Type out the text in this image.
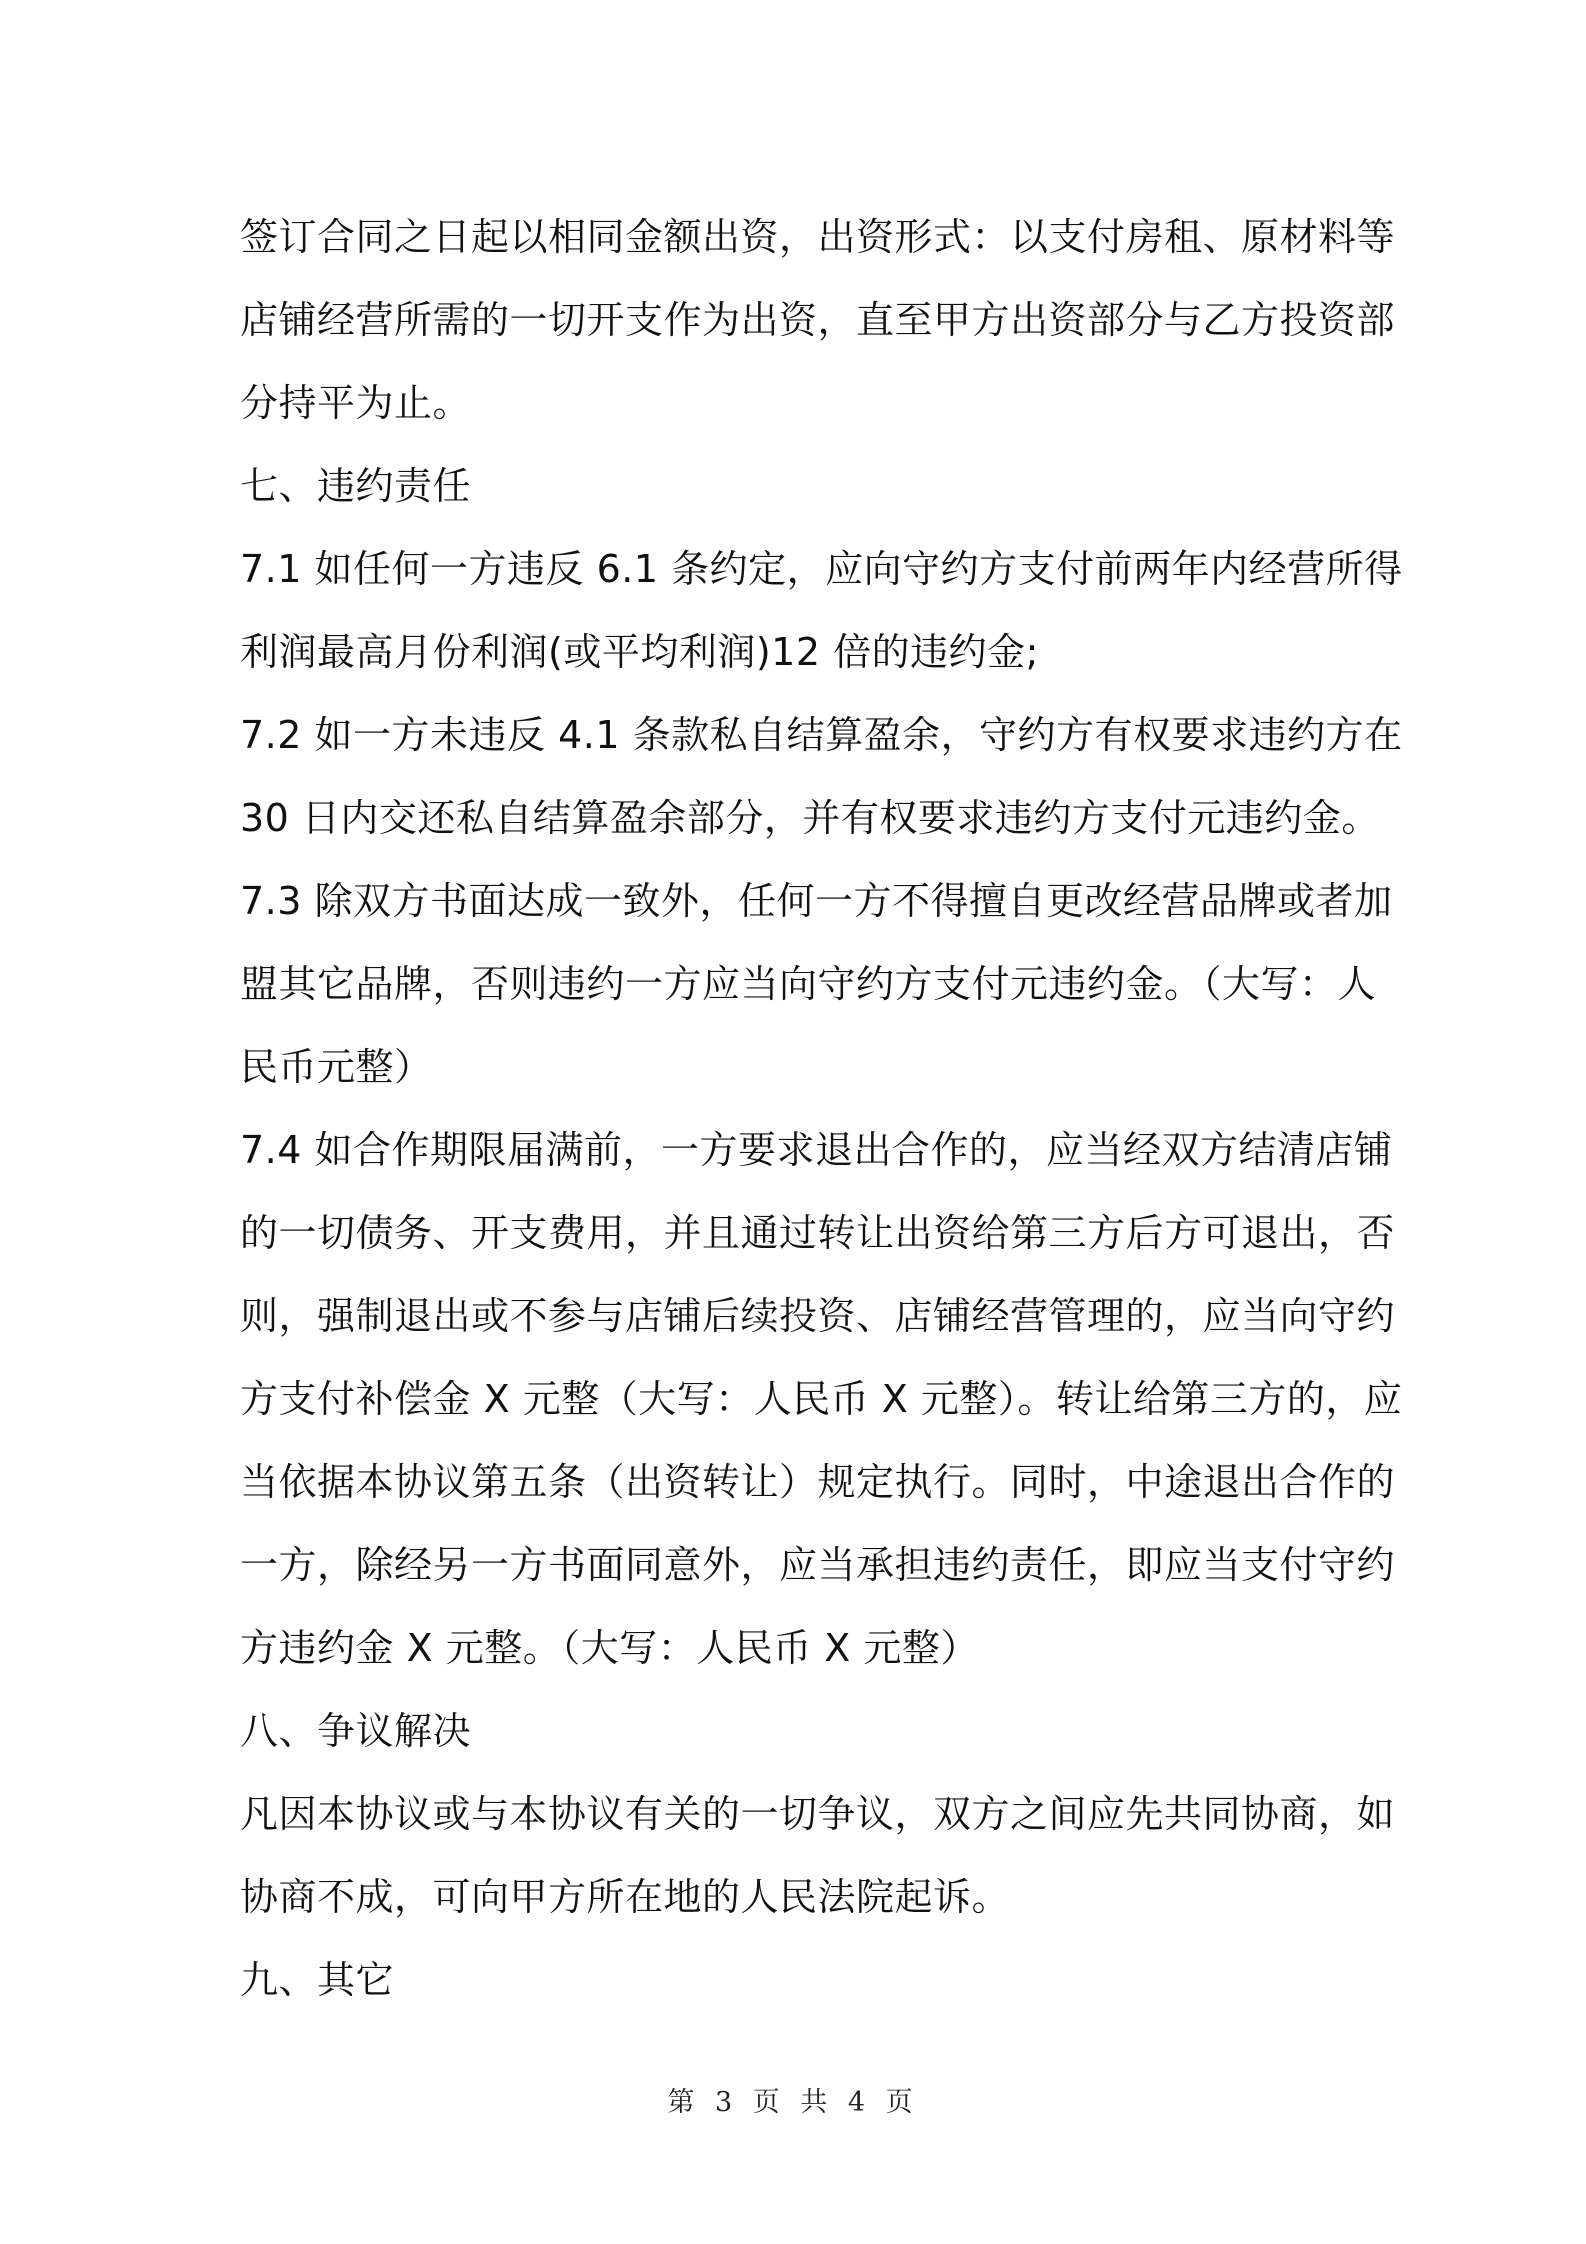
签订合同之日起以相同金额出资，出资形式：以支付房租、原材料等
店铺经营所需的一切开支作为出资，直至甲方出资部分与乙方投资部
分持平为止。
七、违约责任
7.1 如任何一方违反 6.1 条约定，应向守约方支付前两年内经营所得
利润最高月份利润(或平均利润)12 倍的违约金;
7.2 如一方未违反 4.1 条款私自结算盈余，守约方有权要求违约方在
30 日内交还私自结算盈余部分，并有权要求违约方支付元违约金。
7.3 除双方书面达成一致外，任何一方不得擅自更改经营品牌或者加
盟其它品牌，否则违约一方应当向守约方支付元违约金。（大写：人
民币元整）
7.4 如合作期限届满前，一方要求退出合作的，应当经双方结清店铺
的一切债务、开支费用，并且通过转让出资给第三方后方可退出，否
则，强制退出或不参与店铺后续投资、店铺经营管理的，应当向守约
方支付补偿金 X 元整（大写：人民币 X 元整）。转让给第三方的，应
当依据本协议第五条（出资转让）规定执行。同时，中途退出合作的
一方，除经另一方书面同意外，应当承担违约责任，即应当支付守约
方违约金 X 元整。（大写：人民币 X 元整）
八、争议解决
凡因本协议或与本协议有关的一切争议，双方之间应先共同协商，如
协商不成，可向甲方所在地的人民法院起诉。
九、其它
第 3 页 共 4 页
